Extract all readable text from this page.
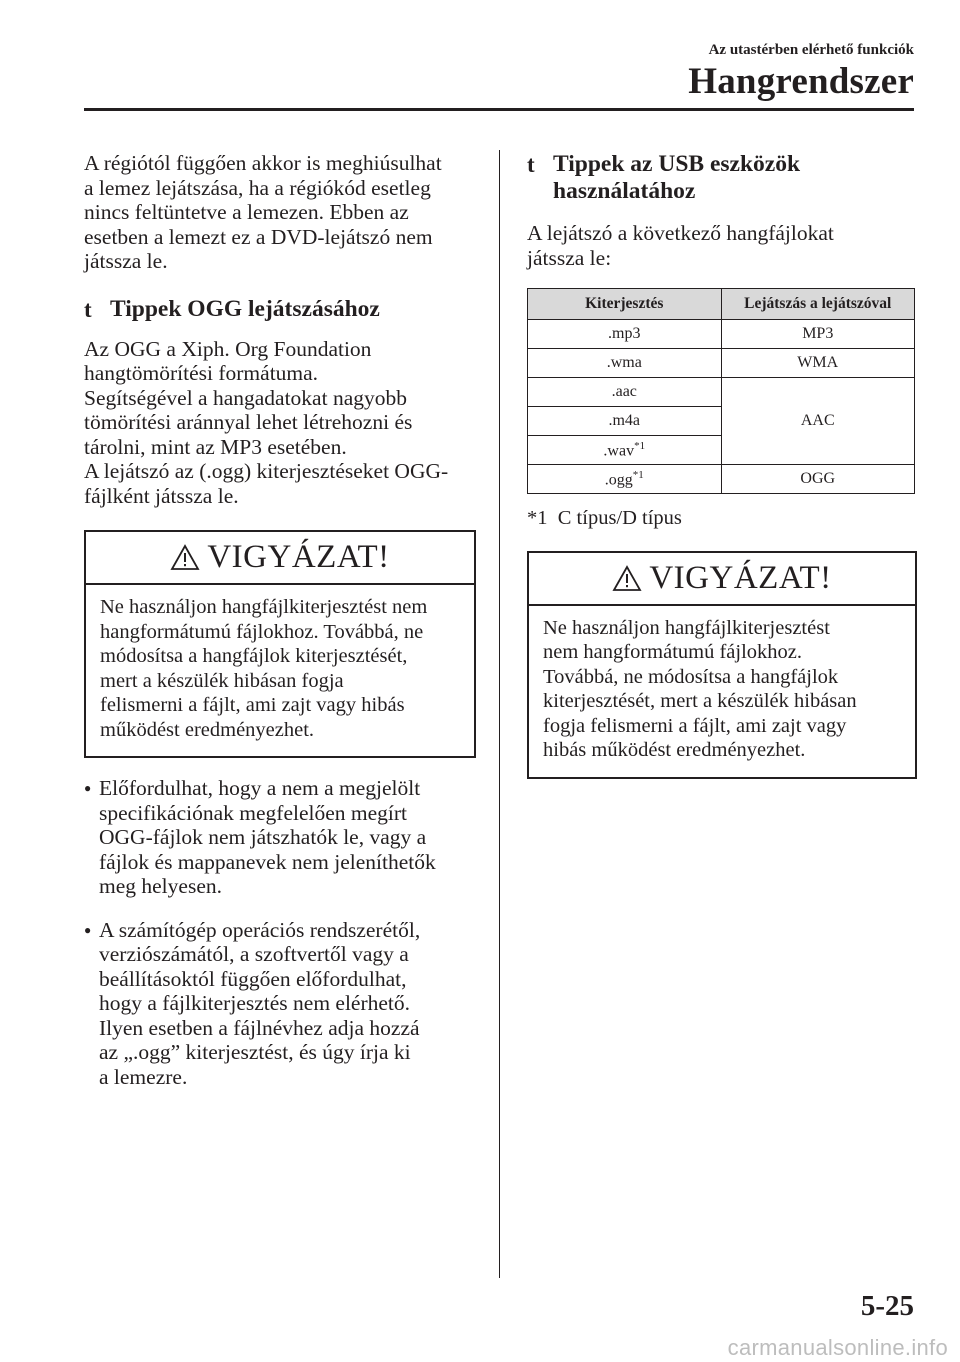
Az utastérben elérhető funkciók
Hangrendszer

A régiótól függően akkor is meghiúsulhat
a lemez lejátszása, ha a régiókód esetleg
nincs feltüntetve a lemezen. Ebben az
esetben a lemezt ez a DVD-lejátszó nem
játssza le.

t Tippek OGG lejátszásához

Az OGG a Xiph. Org Foundation
hangtömörítési formátuma.
Segítségével a hangadatokat nagyobb
tömörítési aránnyal lehet létrehozni és
tárolni, mint az MP3 esetében.
A lejátszó az (.ogg) kiterjesztéseket OGG-
fájlként játssza le.

VIGYÁZAT!

Ne használjon hangfájlkiterjesztést nem
hangformátumú fájlokhoz. Továbbá, ne
módosítsa a hangfájlok kiterjesztését,
mert a készülék hibásan fogja
felismerni a fájlt, ami zajt vagy hibás
működést eredményezhet.

● Előfordulhat, hogy a nem a megjelölt
specifikációnak megfelelően megírt
OGG-fájlok nem játszhatók le, vagy a
fájlok és mappanevek nem jeleníthetők
meg helyesen.
● A számítógép operációs rendszerétől,
verziószámától, a szoftvertől vagy a
beállításoktól függően előfordulhat,
hogy a fájlkiterjesztés nem elérhető.
Ilyen esetben a fájlnévhez adja hozzá
az „.ogg” kiterjesztést, és úgy írja ki
a lemezre.
t Tippek az USB eszközök
használatához

A lejátszó a következő hangfájlokat
játssza le:

Kiterjesztés	Lejátszás a lejátszóval
.mp3	MP3
.wma	WMA
.aac	AAC
.m4a	
.wav$^{*1}$
.ogg$^{*1}$	OGG

*1  C típus/D típus

VIGYÁZAT!

Ne használjon hangfájlkiterjesztést
nem hangformátumú fájlokhoz.
Továbbá, ne módosítsa a hangfájlok
kiterjesztését, mert a készülék hibásan
fogja felismerni a fájlt, ami zajt vagy
hibás működést eredményezhet.

5-25
carmanualsonline.info
